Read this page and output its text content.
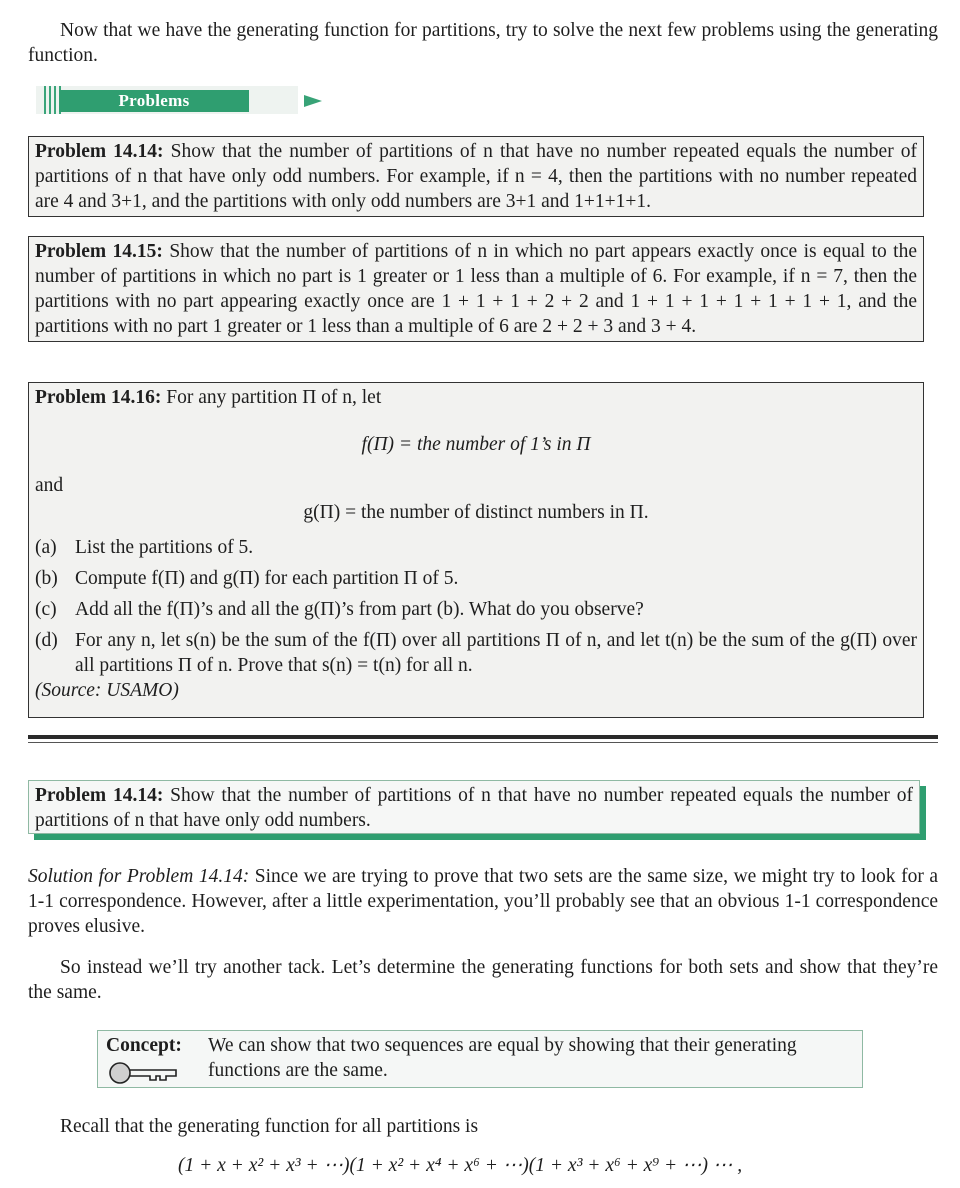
Now that we have the generating function for partitions, try to solve the next few problems using the generating function.

Problems
Problem 14.14: Show that the number of partitions of n that have no number repeated equals the number of partitions of n that have only odd numbers. For example, if n = 4, then the partitions with no number repeated are 4 and 3+1, and the partitions with only odd numbers are 3+1 and 1+1+1+1.
Problem 14.15: Show that the number of partitions of n in which no part appears exactly once is equal to the number of partitions in which no part is 1 greater or 1 less than a multiple of 6. For example, if n = 7, then the partitions with no part appearing exactly once are 1 + 1 + 1 + 2 + 2 and 1 + 1 + 1 + 1 + 1 + 1 + 1, and the partitions with no part 1 greater or 1 less than a multiple of 6 are 2 + 2 + 3 and 3 + 4.
Problem 14.16: For any partition Π of n, let
f(Π) = the number of 1’s in Π
and
g(Π) = the number of distinct numbers in Π.
(a) List the partitions of 5.
(b) Compute f(Π) and g(Π) for each partition Π of 5.
(c) Add all the f(Π)’s and all the g(Π)’s from part (b). What do you observe?
(d) For any n, let s(n) be the sum of the f(Π) over all partitions Π of n, and let t(n) be the sum of the g(Π) over all partitions Π of n. Prove that s(n) = t(n) for all n.
(Source: USAMO)
Problem 14.14: Show that the number of partitions of n that have no number repeated equals the number of partitions of n that have only odd numbers.

Solution for Problem 14.14: Since we are trying to prove that two sets are the same size, we might try to look for a 1-1 correspondence. However, after a little experimentation, you’ll probably see that an obvious 1-1 correspondence proves elusive.

So instead we’ll try another tack. Let’s determine the generating functions for both sets and show that they’re the same.

Concept: We can show that two sequences are equal by showing that their generating functions are the same.

Recall that the generating function for all partitions is

(1 + x + x² + x³ + ⋯)(1 + x² + x⁴ + x⁶ + ⋯)(1 + x³ + x⁶ + x⁹ + ⋯) ⋯ ,
